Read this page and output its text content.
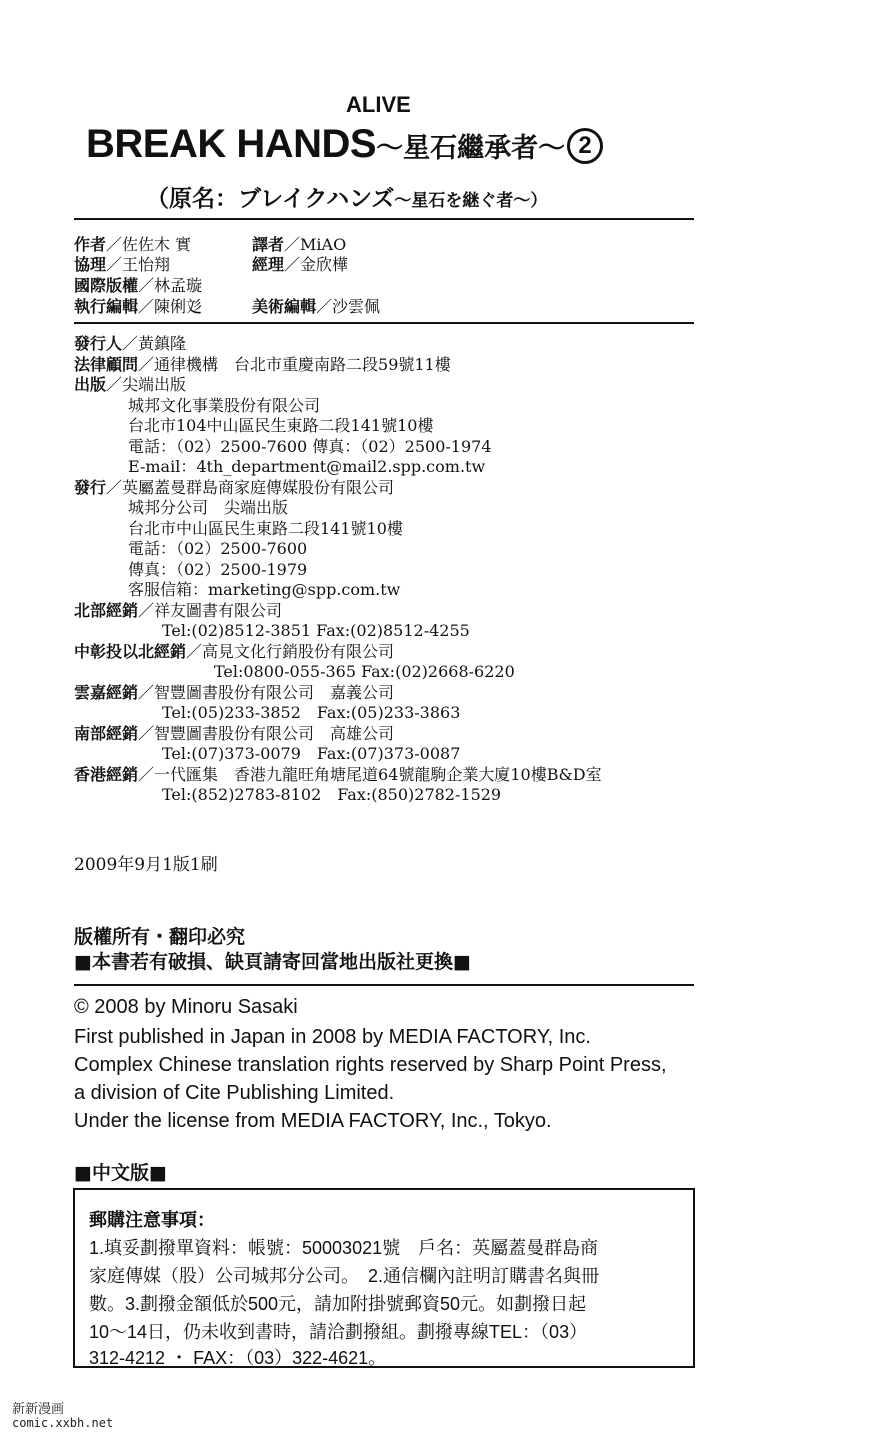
ALIVE
BREAK HANDS〜星石繼承者〜 2
（原名：ブレイクハンズ〜星石を継ぐ者〜）
作者／佐佐木 實	譯者／MiAO
協理／王怡翔	經理／金欣樺
國際版權／林孟璇
執行編輯／陳俐彣	美術編輯／沙雲佩
發行人／黃鎮隆
法律顧問／通律機構　台北市重慶南路二段59號11樓
出版／尖端出版
城邦文化事業股份有限公司
台北市104中山區民生東路二段141號10樓
電話：（02）2500-7600 傳真：（02）2500-1974
E-mail：4th_department@mail2.spp.com.tw
發行／英屬蓋曼群島商家庭傳媒股份有限公司
城邦分公司　尖端出版
台北市中山區民生東路二段141號10樓
電話：（02）2500-7600
傳真：（02）2500-1979
客服信箱：marketing@spp.com.tw
北部經銷／祥友圖書有限公司
Tel:(02)8512-3851 Fax:(02)8512-4255
中彰投以北經銷／高見文化行銷股份有限公司
Tel:0800-055-365 Fax:(02)2668-6220
雲嘉經銷／智豐圖書股份有限公司　嘉義公司
Tel:(05)233-3852　Fax:(05)233-3863
南部經銷／智豐圖書股份有限公司　高雄公司
Tel:(07)373-0079　Fax:(07)373-0087
香港經銷／一代匯集　香港九龍旺角塘尾道64號龍駒企業大廈10樓B&D室
Tel:(852)2783-8102　Fax:(850)2782-1529
2009年9月1版1刷
版權所有・翻印必究
■本書若有破損、缺頁請寄回當地出版社更換■
© 2008 by Minoru Sasaki
First published in Japan in 2008 by MEDIA FACTORY, Inc.
Complex Chinese translation rights reserved by Sharp Point Press,
a division of Cite Publishing Limited.
Under the license from MEDIA FACTORY, Inc., Tokyo.
■中文版■
郵購注意事項：
1.填妥劃撥單資料：帳號：50003021號　戶名：英屬蓋曼群島商
家庭傳媒（股）公司城邦分公司。　2.通信欄內註明訂購書名與冊
數。3.劃撥金額低於500元，請加附掛號郵資50元。如劃撥日起
10〜14日，仍未收到書時，請洽劃撥組。劃撥專線TEL：（03）
312-4212 ・ FAX：（03）322-4621。
新新漫画
comic.xxbh.net
